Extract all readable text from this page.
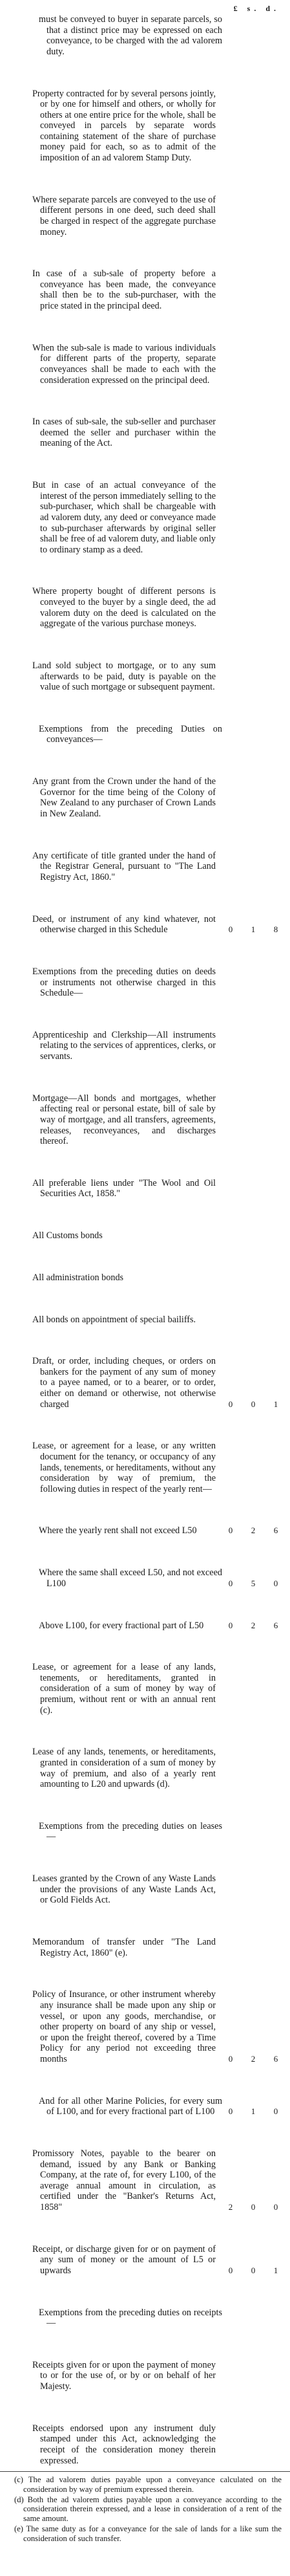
£ s. d.

must be conveyed to buyer in separate parcels, so that a distinct price may be expressed on each conveyance, to be charged with the ad valorem duty.

Property contracted for by several persons jointly, or by one for himself and others, or wholly for others at one entire price for the whole, shall be conveyed in parcels by separate words containing statement of the share of purchase money paid for each, so as to admit of the imposition of an ad valorem Stamp Duty.

Where separate parcels are conveyed to the use of different persons in one deed, such deed shall be charged in respect of the aggregate purchase money.

In case of a sub-sale of property before a conveyance has been made, the conveyance shall then be to the sub-purchaser, with the price stated in the principal deed.

When the sub-sale is made to various individuals for different parts of the property, separate conveyances shall be made to each with the consideration expressed on the principal deed.

In cases of sub-sale, the sub-seller and purchaser deemed the seller and purchaser within the meaning of the Act.

But in case of an actual conveyance of the interest of the person immediately selling to the sub-purchaser, which shall be chargeable with ad valorem duty, any deed or conveyance made to sub-purchaser afterwards by original seller shall be free of ad valorem duty, and liable only to ordinary stamp as a deed.

Where property bought of different persons is conveyed to the buyer by a single deed, the ad valorem duty on the deed is calculated on the aggregate of the various purchase moneys.

Land sold subject to mortgage, or to any sum afterwards to be paid, duty is payable on the value of such mortgage or subsequent payment.

Exemptions from the preceding Duties on conveyances—

Any grant from the Crown under the hand of the Governor for the time being of the Colony of New Zealand to any purchaser of Crown Lands in New Zealand.

Any certificate of title granted under the hand of the Registrar General, pursuant to "The Land Registry Act, 1860."

Deed, or instrument of any kind whatever, not otherwise charged in this Schedule	0	1	8

Exemptions from the preceding duties on deeds or instruments not otherwise charged in this Schedule—

Apprenticeship and Clerkship—All instruments relating to the services of apprentices, clerks, or servants.

Mortgage—All bonds and mortgages, whether affecting real or personal estate, bill of sale by way of mortgage, and all transfers, agreements, releases, reconveyances, and discharges thereof.

All preferable liens under "The Wool and Oil Securities Act, 1858."

All Customs bonds

All administration bonds

All bonds on appointment of special bailiffs.

Draft, or order, including cheques, or orders on bankers for the payment of any sum of money to a payee named, or to a bearer, or to order, either on demand or otherwise, not otherwise charged	0	0	1

Lease, or agreement for a lease, or any written document for the tenancy, or occupancy of any lands, tenements, or hereditaments, without any consideration by way of premium, the following duties in respect of the yearly rent—

Where the yearly rent shall not exceed L50	0	2	6

Where the same shall exceed L50, and not exceed L100	0	5	0

Above L100, for every fractional part of L50	0	2	6

Lease, or agreement for a lease of any lands, tenements, or hereditaments, granted in consideration of a sum of money by way of premium, without rent or with an annual rent (c).

Lease of any lands, tenements, or hereditaments, granted in consideration of a sum of money by way of premium, and also of a yearly rent amounting to L20 and upwards (d).

Exemptions from the preceding duties on leases—

Leases granted by the Crown of any Waste Lands under the provisions of any Waste Lands Act, or Gold Fields Act.

Memorandum of transfer under "The Land Registry Act, 1860" (e).

Policy of Insurance, or other instrument whereby any insurance shall be made upon any ship or vessel, or upon any goods, merchandise, or other property on board of any ship or vessel, or upon the freight thereof, covered by a Time Policy for any period not exceeding three months	0	2	6

And for all other Marine Policies, for every sum of L100, and for every fractional part of L100	0	1	0

Promissory Notes, payable to the bearer on demand, issued by any Bank or Banking Company, at the rate of, for every L100, of the average annual amount in circulation, as certified under the "Banker's Returns Act, 1858"	2	0	0

Receipt, or discharge given for or on payment of any sum of money or the amount of L5 or upwards	0	0	1

Exemptions from the preceding duties on receipts—

Receipts given for or upon the payment of money to or for the use of, or by or on behalf of her Majesty.

Receipts endorsed upon any instrument duly stamped under this Act, acknowledging the receipt of the consideration money therein expressed.

(c) The ad valorem duties payable upon a conveyance calculated on the consideration by way of premium expressed therein.

(d) Both the ad valorem duties payable upon a conveyance according to the consideration therein expressed, and a lease in consideration of a rent of the same amount.

(e) The same duty as for a conveyance for the sale of lands for a like sum the consideration of such transfer.
